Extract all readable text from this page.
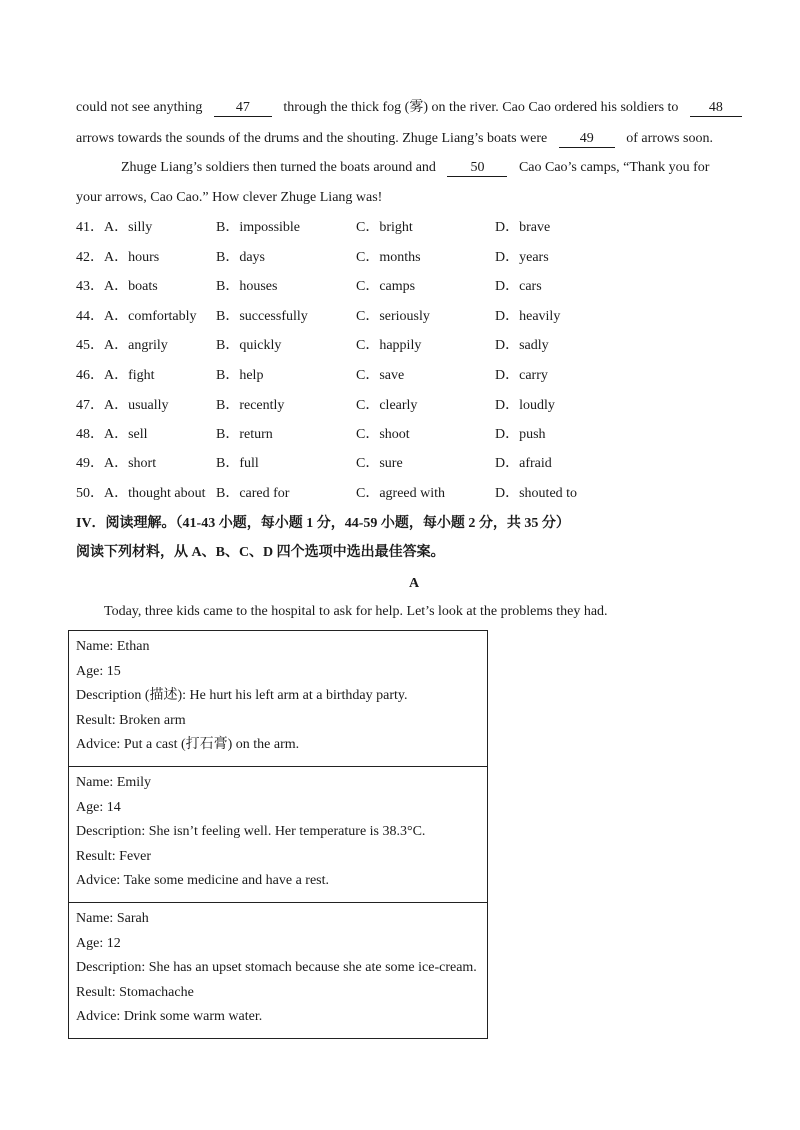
could not see anything 47 through the thick fog (雾) on the river. Cao Cao ordered his soldiers to 48
arrows towards the sounds of the drums and the shouting. Zhuge Liang’s boats were 49 of arrows soon.
Zhuge Liang’s soldiers then turned the boats around and 50 Cao Cao’s camps, “Thank you for
your arrows, Cao Cao.” How clever Zhuge Liang was!
41． A．silly	B．impossible	C．bright	D．brave
42． A．hours	B．days	C．months	D．years
43． A．boats	B．houses	C．camps	D．cars
44． A．comfortably B．successfully	C．seriously	D．heavily
45． A．angrily	B．quickly	C．happily	D．sadly
46． A．fight	B．help	C．save	D．carry
47． A．usually	B．recently	C．clearly	D．loudly
48． A．sell	B．return	C．shoot	D．push
49． A．short	B．full	C．sure	D．afraid
50． A．thought about B．cared for	C．agreed with	D．shouted to
IV．阅读理解。（41-43 小题，每小题 1 分，44-59 小题，每小题 2 分，共 35 分）
阅读下列材料，从 A、B、C、D 四个选项中选出最佳答案。
A
Today, three kids came to the hospital to ask for help. Let’s look at the problems they had.
Name: Ethan
Age: 15
Description (描述): He hurt his left arm at a birthday party.
Result: Broken arm
Advice: Put a cast (打石膏) on the arm.
Name: Emily
Age: 14
Description: She isn’t feeling well. Her temperature is 38.3°C.
Result: Fever
Advice: Take some medicine and have a rest.
Name: Sarah
Age: 12
Description: She has an upset stomach because she ate some ice-cream.
Result: Stomachache
Advice: Drink some warm water.
